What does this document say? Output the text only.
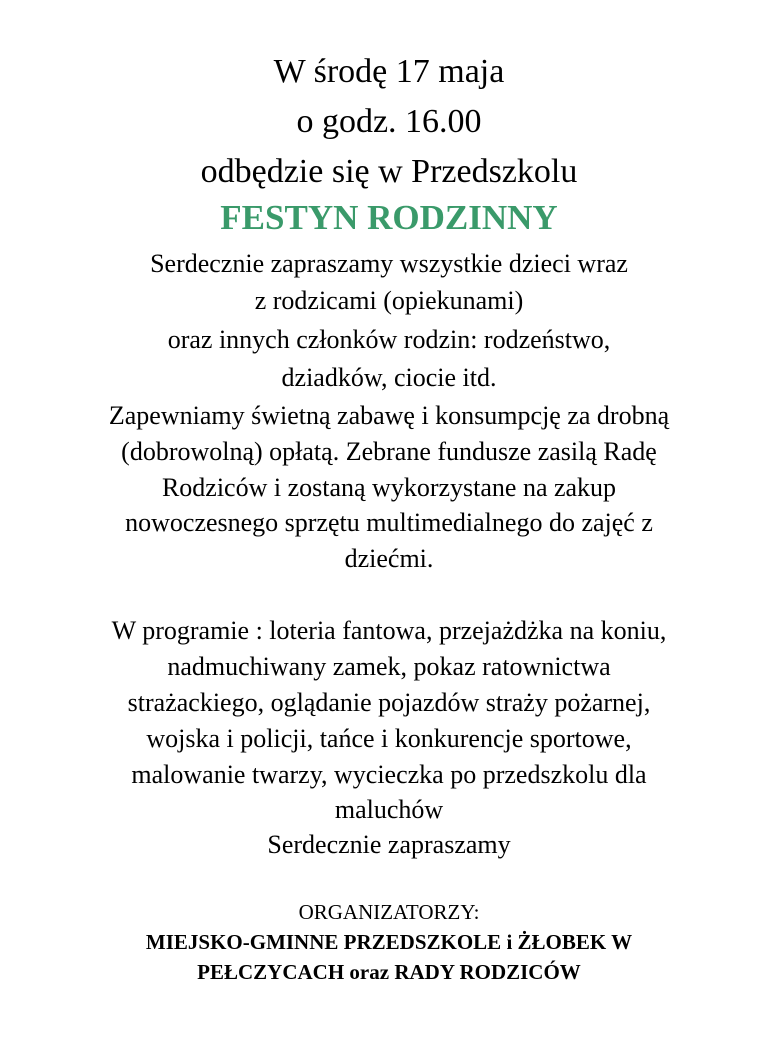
W środę 17 maja
o godz. 16.00
odbędzie się w Przedszkolu
FESTYN RODZINNY
Serdecznie zapraszamy wszystkie dzieci wraz
z rodzicami (opiekunami)
oraz innych członków rodzin: rodzeństwo,
dziadków, ciocie itd.
Zapewniamy świetną zabawę i konsumpcję za drobną
(dobrowolną) opłatą. Zebrane fundusze zasilą Radę
Rodziców i zostaną wykorzystane na zakup
nowoczesnego sprzętu multimedialnego do zajęć z
dziećmi.
W programie : loteria fantowa, przejażdżka na koniu,
nadmuchiwany zamek, pokaz ratownictwa
strażackiego, oglądanie pojazdów straży pożarnej,
wojska i policji, tańce i konkurencje sportowe,
malowanie twarzy, wycieczka po przedszkolu dla
maluchów
Serdecznie zapraszamy
ORGANIZATORZY:
MIEJSKO-GMINNE PRZEDSZKOLE i ŻŁOBEK W
PEŁCZYCACH oraz RADY RODZICÓW
